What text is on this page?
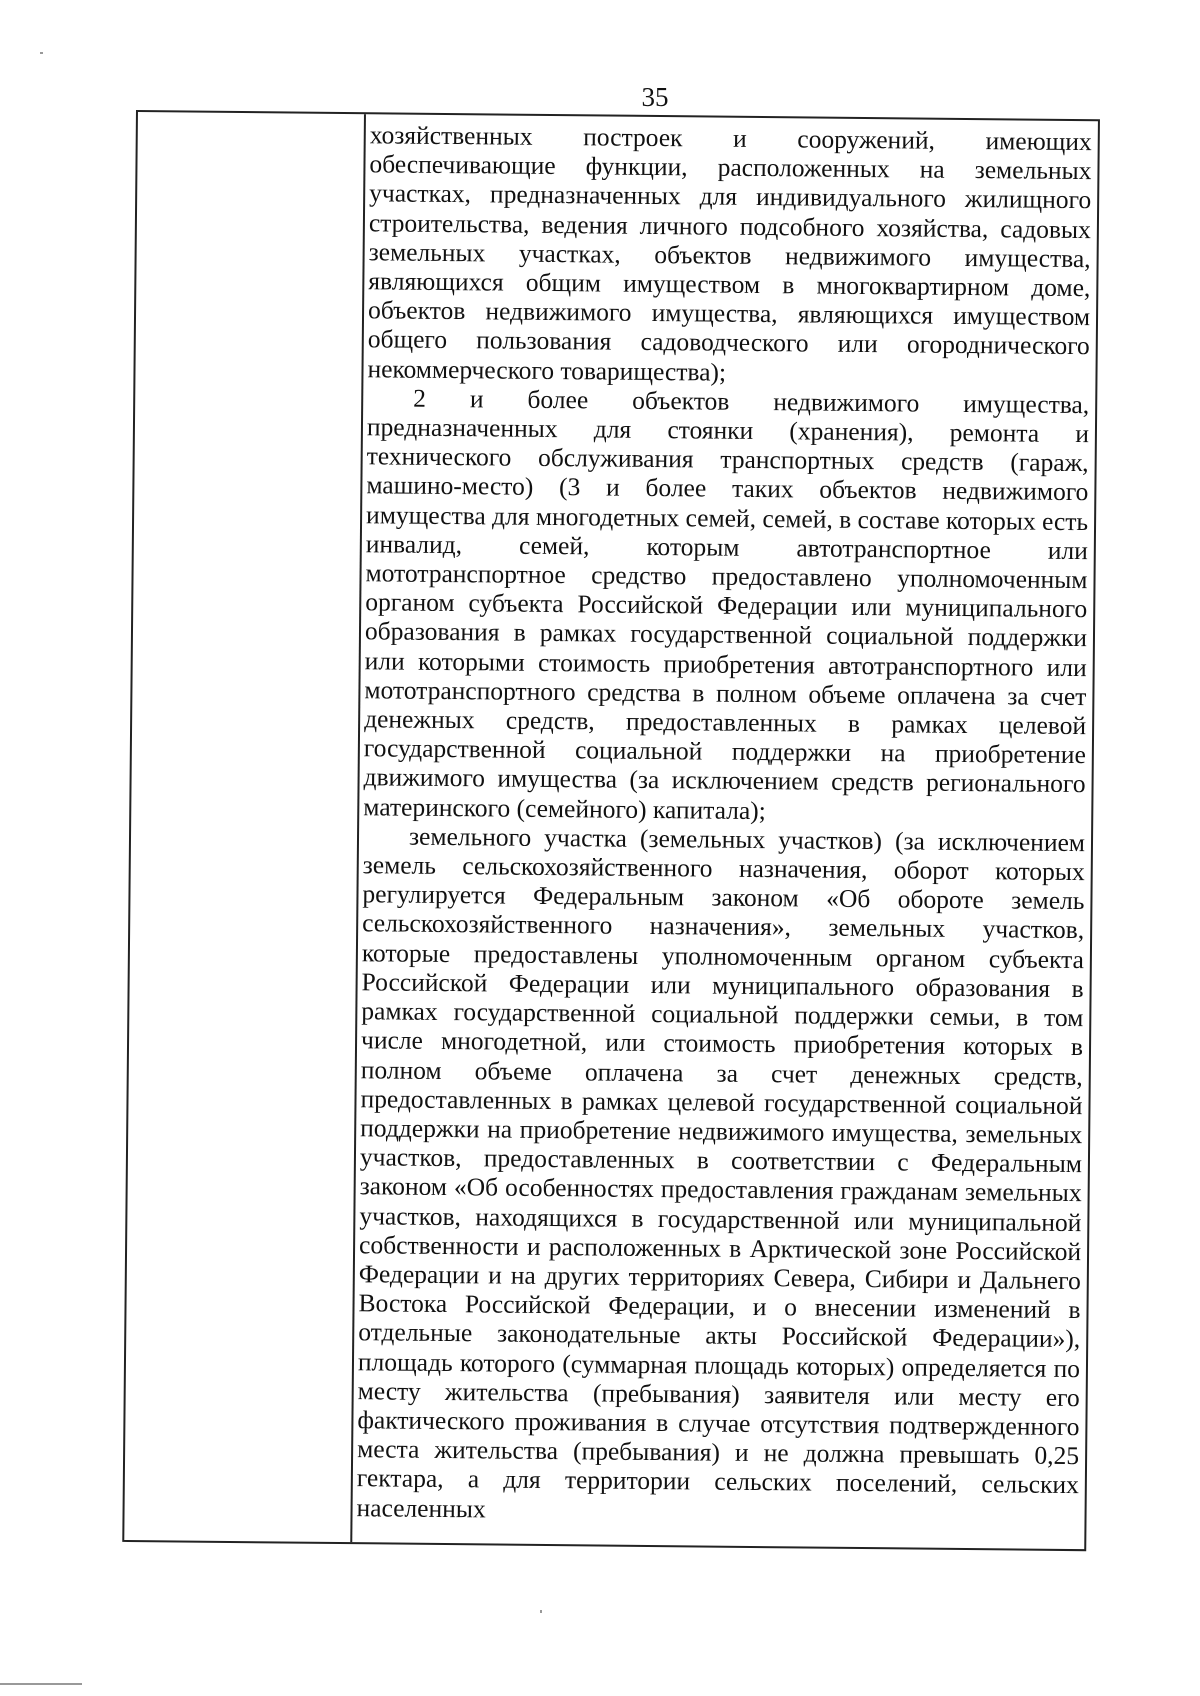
35

хозяйственных построек и сооружений, имеющих обеспечивающие функции, расположенных на земельных участках, предназначенных для индивидуального жилищного строительства, ведения личного подсобного хозяйства, садовых земельных участках, объектов недвижимого имущества, являющихся общим имуществом в многоквартирном доме, объектов недвижимого имущества, являющихся имуществом общего пользования садоводческого или огороднического некоммерческого товарищества);

2 и более объектов недвижимого имущества, предназначенных для стоянки (хранения), ремонта и технического обслуживания транспортных средств (гараж, машино-место) (3 и более таких объектов недвижимого имущества для многодетных семей, семей, в составе которых есть инвалид, семей, которым автотранспортное или мототранспортное средство предоставлено уполномоченным органом субъекта Российской Федерации или муниципального образования в рамках государственной социальной поддержки или которыми стоимость приобретения автотранспортного или мототранспортного средства в полном объеме оплачена за счет денежных средств, предоставленных в рамках целевой государственной социальной поддержки на приобретение движимого имущества (за исключением средств регионального материнского (семейного) капитала);

земельного участка (земельных участков) (за исключением земель сельскохозяйственного назначения, оборот которых регулируется Федеральным законом «Об обороте земель сельскохозяйственного назначения», земельных участков, которые предоставлены уполномоченным органом субъекта Российской Федерации или муниципального образования в рамках государственной социальной поддержки семьи, в том числе многодетной, или стоимость приобретения которых в полном объеме оплачена за счет денежных средств, предоставленных в рамках целевой государственной социальной поддержки на приобретение недвижимого имущества, земельных участков, предоставленных в соответствии с Федеральным законом «Об особенностях предоставления гражданам земельных участков, находящихся в государственной или муниципальной собственности и расположенных в Арктической зоне Российской Федерации и на других территориях Севера, Сибири и Дальнего Востока Российской Федерации, и о внесении изменений в отдельные законодательные акты Российской Федерации»), площадь которого (суммарная площадь которых) определяется по месту жительства (пребывания) заявителя или месту его фактического проживания в случае отсутствия подтвержденного места жительства (пребывания) и не должна превышать 0,25 гектара, а для территории сельских поселений, сельских населенных
